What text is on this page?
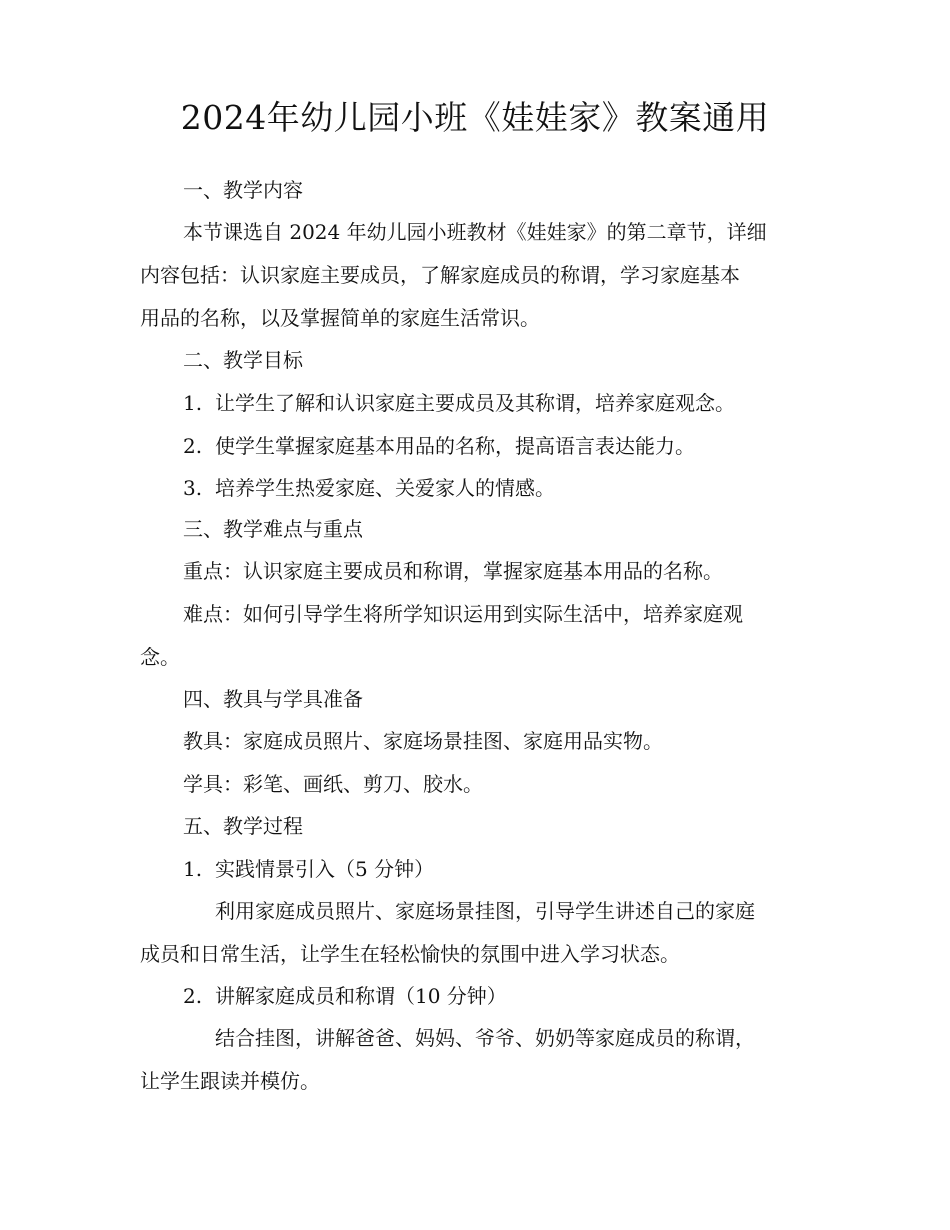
2024年幼儿园小班《娃娃家》教案通用

一、教学内容

本节课选自 2024 年幼儿园小班教材《娃娃家》的第二章节，详细

内容包括：认识家庭主要成员，了解家庭成员的称谓，学习家庭基本

用品的名称，以及掌握简单的家庭生活常识。

二、教学目标

1. 让学生了解和认识家庭主要成员及其称谓，培养家庭观念。

2. 使学生掌握家庭基本用品的名称，提高语言表达能力。

3. 培养学生热爱家庭、关爱家人的情感。

三、教学难点与重点

重点：认识家庭主要成员和称谓，掌握家庭基本用品的名称。

难点：如何引导学生将所学知识运用到实际生活中，培养家庭观

念。

四、教具与学具准备

教具：家庭成员照片、家庭场景挂图、家庭用品实物。

学具：彩笔、画纸、剪刀、胶水。

五、教学过程

1. 实践情景引入（5 分钟）

利用家庭成员照片、家庭场景挂图，引导学生讲述自己的家庭

成员和日常生活，让学生在轻松愉快的氛围中进入学习状态。

2. 讲解家庭成员和称谓（10 分钟）

结合挂图，讲解爸爸、妈妈、爷爷、奶奶等家庭成员的称谓，

让学生跟读并模仿。
